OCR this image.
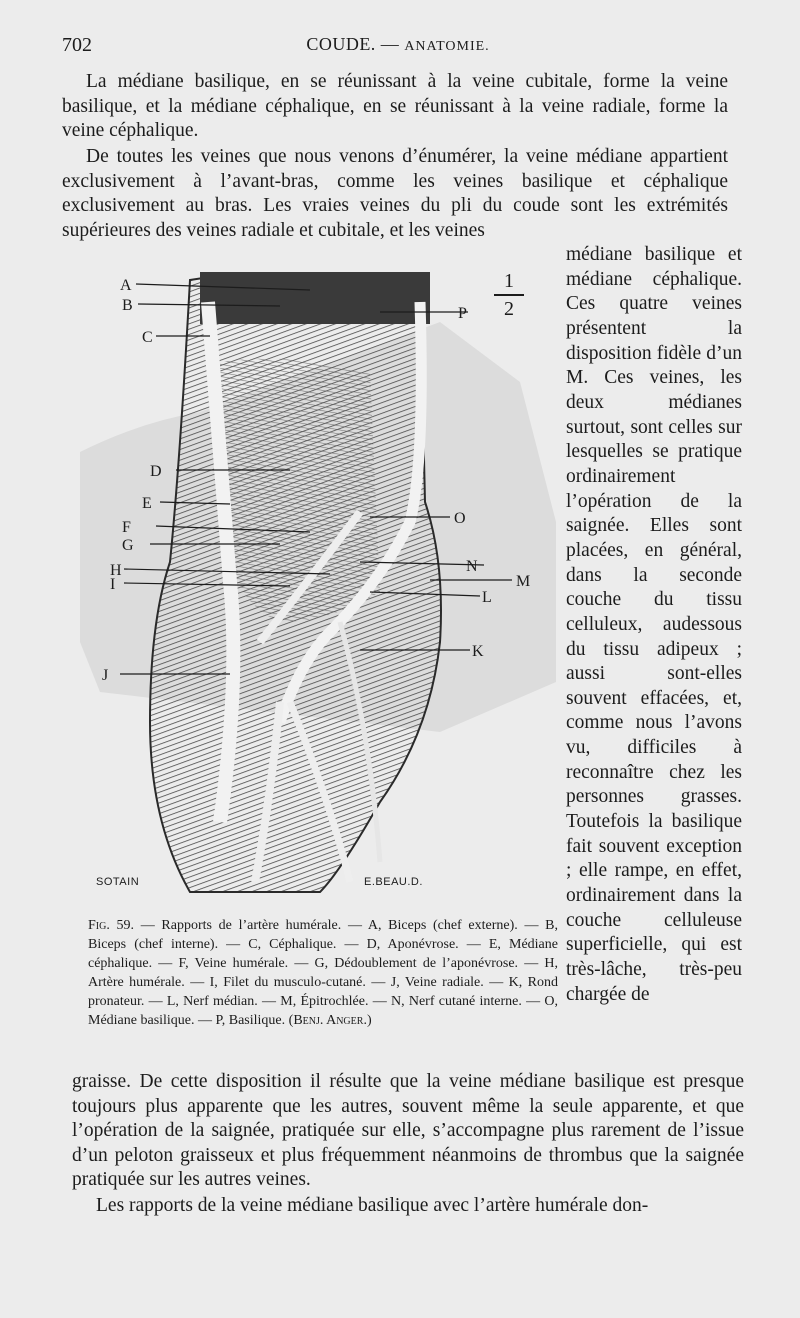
702	COUDE. — ANATOMIE.

La médiane basilique, en se réunissant à la veine cubitale, forme la veine basilique, et la médiane céphalique, en se réunissant à la veine radiale, forme la veine céphalique.

De toutes les veines que nous venons d’énumérer, la veine médiane appartient exclusivement à l’avant-bras, comme les veines basilique et céphalique exclusivement au bras. Les vraies veines du pli du coude sont les extrémités supérieures des veines radiale et cubitale, et les veines

médiane basilique et médiane céphalique. Ces quatre veines présentent la disposition fidèle d’un M. Ces veines, les deux médianes surtout, sont celles sur lesquelles se pratique ordinairement l’opération de la saignée. Elles sont placées, en général, dans la seconde couche du tissu celluleux, audessous du tissu adipeux ; aussi sont-elles souvent effacées, et, comme nous l’avons vu, difficiles à reconnaître chez les personnes grasses. Toutefois la basilique fait souvent exception ; elle rampe, en effet, ordinairement dans la couche celluleuse superficielle, qui est très-lâche, très-peu chargée de

1
2
A
B
C
D
E
F
G
H
I
J
K
L
M
N
O
P
SOTAIN	E.BEAU.D.

Fig. 59. — Rapports de l’artère humérale. — A, Biceps (chef externe). — B, Biceps (chef interne). — C, Céphalique. — D, Aponévrose. — E, Médiane céphalique. — F, Veine humérale. — G, Dédoublement de l’aponévrose. — H, Artère humérale. — I, Filet du musculo-cutané. — J, Veine radiale. — K, Rond pronateur. — L, Nerf médian. — M, Épitrochlée. — N, Nerf cutané interne. — O, Médiane basilique. — P, Basilique. (Benj. Anger.)

graisse. De cette disposition il résulte que la veine médiane basilique est presque toujours plus apparente que les autres, souvent même la seule apparente, et que l’opération de la saignée, pratiquée sur elle, s’accompagne plus rarement de l’issue d’un peloton graisseux et plus fréquemment néanmoins de thrombus que la saignée pratiquée sur les autres veines.

Les rapports de la veine médiane basilique avec l’artère humérale don-
